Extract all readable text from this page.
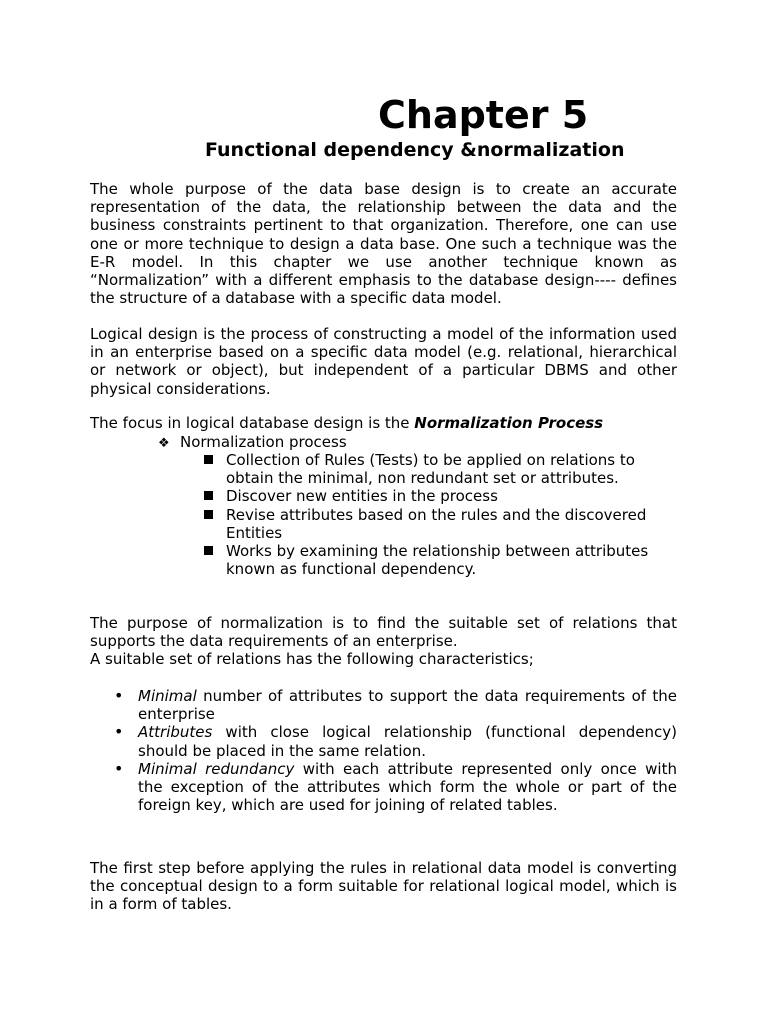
Chapter 5
Functional dependency &normalization
The whole purpose of the data base design is to create an accurate
representation of the data, the relationship between the data and the
business constraints pertinent to that organization. Therefore, one can use
one or more technique to design a data base. One such a technique was the
E-R model. In this chapter we use another technique known as
“Normalization” with a different emphasis to the database design---- defines
the structure of a database with a specific data model.
Logical design is the process of constructing a model of the information used
in an enterprise based on a specific data model (e.g. relational, hierarchical
or network or object), but independent of a particular DBMS and other
physical considerations.
The focus in logical database design is the Normalization Process
❖ Normalization process
Collection of Rules (Tests) to be applied on relations to obtain the minimal, non redundant set or attributes.
Discover new entities in the process
Revise attributes based on the rules and the discovered Entities
Works by examining the relationship between attributes known as functional dependency.
The purpose of normalization is to find the suitable set of relations that
supports the data requirements of an enterprise.
A suitable set of relations has the following characteristics;
• Minimal number of attributes to support the data requirements of the enterprise
• Attributes with close logical relationship (functional dependency) should be placed in the same relation.
• Minimal redundancy with each attribute represented only once with the exception of the attributes which form the whole or part of the foreign key, which are used for joining of related tables.
The first step before applying the rules in relational data model is converting
the conceptual design to a form suitable for relational logical model, which is
in a form of tables.
